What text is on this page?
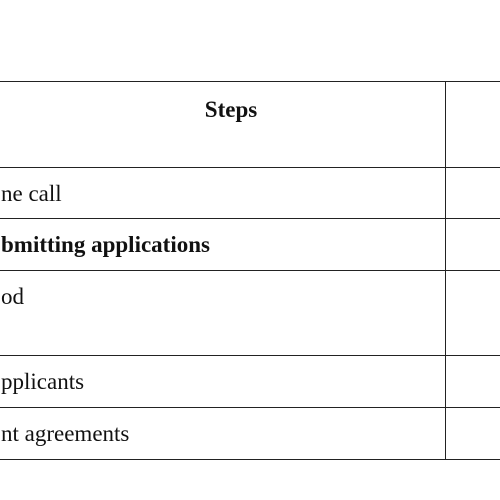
Steps	

ne call	

bmitting applications	

od	

pplicants	

nt agreements	
